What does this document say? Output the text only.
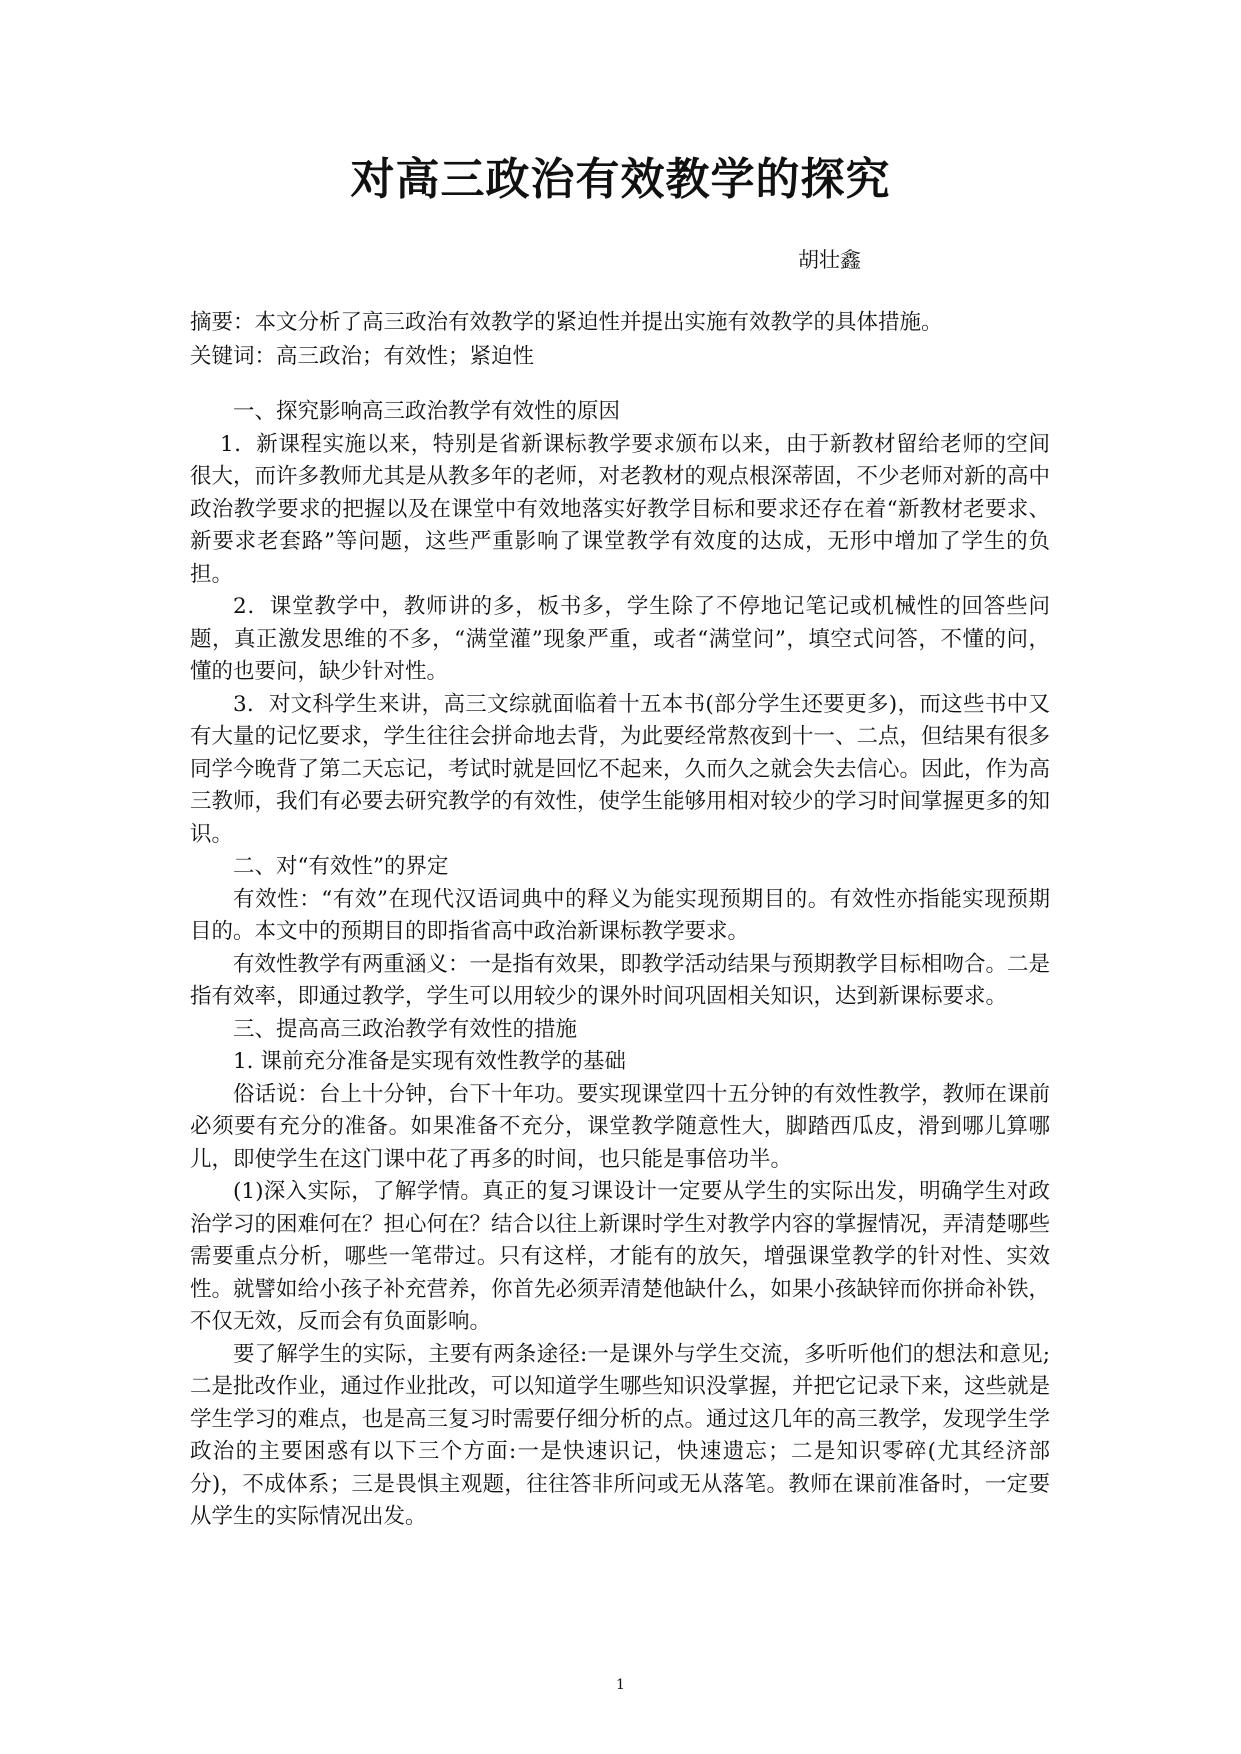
对高三政治有效教学的探究
胡壮鑫

摘要：本文分析了高三政治有效教学的紧迫性并提出实施有效教学的具体措施。

关键词：高三政治；有效性；紧迫性

一、探究影响高三政治教学有效性的原因

1．新课程实施以来，特别是省新课标教学要求颁布以来，由于新教材留给老师的空间很大，而许多教师尤其是从教多年的老师，对老教材的观点根深蒂固，不少老师对新的高中政治教学要求的把握以及在课堂中有效地落实好教学目标和要求还存在着“新教材老要求、新要求老套路”等问题，这些严重影响了课堂教学有效度的达成，无形中增加了学生的负担。

2．课堂教学中，教师讲的多，板书多，学生除了不停地记笔记或机械性的回答些问题，真正激发思维的不多，“满堂灌”现象严重，或者“满堂问”，填空式问答，不懂的问，懂的也要问，缺少针对性。

3．对文科学生来讲，高三文综就面临着十五本书(部分学生还要更多)，而这些书中又有大量的记忆要求，学生往往会拼命地去背，为此要经常熬夜到十一、二点，但结果有很多同学今晚背了第二天忘记，考试时就是回忆不起来，久而久之就会失去信心。因此，作为高三教师，我们有必要去研究教学的有效性，使学生能够用相对较少的学习时间掌握更多的知识。

二、对“有效性”的界定

有效性：“有效”在现代汉语词典中的释义为能实现预期目的。有效性亦指能实现预期目的。本文中的预期目的即指省高中政治新课标教学要求。

有效性教学有两重涵义：一是指有效果，即教学活动结果与预期教学目标相吻合。二是指有效率，即通过教学，学生可以用较少的课外时间巩固相关知识，达到新课标要求。

三、提高高三政治教学有效性的措施

1. 课前充分准备是实现有效性教学的基础

俗话说：台上十分钟，台下十年功。要实现课堂四十五分钟的有效性教学，教师在课前必须要有充分的准备。如果准备不充分，课堂教学随意性大，脚踏西瓜皮，滑到哪儿算哪儿，即使学生在这门课中花了再多的时间，也只能是事倍功半。

(1)深入实际，了解学情。真正的复习课设计一定要从学生的实际出发，明确学生对政治学习的困难何在？担心何在？结合以往上新课时学生对教学内容的掌握情况，弄清楚哪些需要重点分析，哪些一笔带过。只有这样，才能有的放矢，增强课堂教学的针对性、实效性。就譬如给小孩子补充营养，你首先必须弄清楚他缺什么，如果小孩缺锌而你拼命补铁，不仅无效，反而会有负面影响。

要了解学生的实际，主要有两条途径:一是课外与学生交流，多听听他们的想法和意见;二是批改作业，通过作业批改，可以知道学生哪些知识没掌握，并把它记录下来，这些就是学生学习的难点，也是高三复习时需要仔细分析的点。通过这几年的高三教学，发现学生学政治的主要困惑有以下三个方面:一是快速识记，快速遗忘；二是知识零碎(尤其经济部分)，不成体系；三是畏惧主观题，往往答非所问或无从落笔。教师在课前准备时，一定要从学生的实际情况出发。

1
